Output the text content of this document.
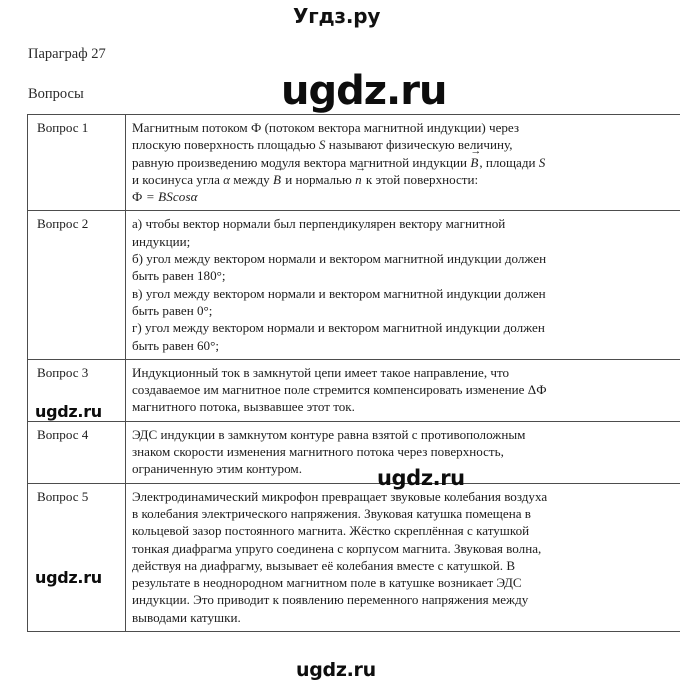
Угдз.ру
ugdz.ru
Параграф 27
Вопросы
Вопрос 1	Магнитным потоком Ф (потоком вектора магнитной индукции) через

плоскую поверхность площадью S называют физическую величину,

равную произведению модуля вектора магнитной индукции B →, площади S

и косинуса угла α между B → и нормалью n → к этой поверхности:

Ф = BScosα

Вопрос 2	а) чтобы вектор нормали был перпендикулярен вектору магнитной

индукции;

б) угол между вектором нормали и вектором магнитной индукции должен

быть равен 180°;

в) угол между вектором нормали и вектором магнитной индукции должен

быть равен 0°;

г) угол между вектором нормали и вектором магнитной индукции должен

быть равен 60°;

Вопрос 3	Индукционный ток в замкнутой цепи имеет такое направление, что

создаваемое им магнитное поле стремится компенсировать изменение ΔФ

магнитного потока, вызвавшее этот ток.

Вопрос 4	ЭДС индукции в замкнутом контуре равна взятой с противоположным

знаком скорости изменения магнитного потока через поверхность,

ограниченную этим контуром.

Вопрос 5	Электродинамический микрофон превращает звуковые колебания воздуха

в колебания электрического напряжения. Звуковая катушка помещена в

кольцевой зазор постоянного магнита. Жёстко скреплённая с катушкой

тонкая диафрагма упруго соединена с корпусом магнита. Звуковая волна,

действуя на диафрагму, вызывает её колебания вместе с катушкой. В

результате в неоднородном магнитном поле в катушке возникает ЭДС

индукции. Это приводит к появлению переменного напряжения между

выводами катушки.

ugdz.ru
ugdz.ru
ugdz.ru
ugdz.ru
